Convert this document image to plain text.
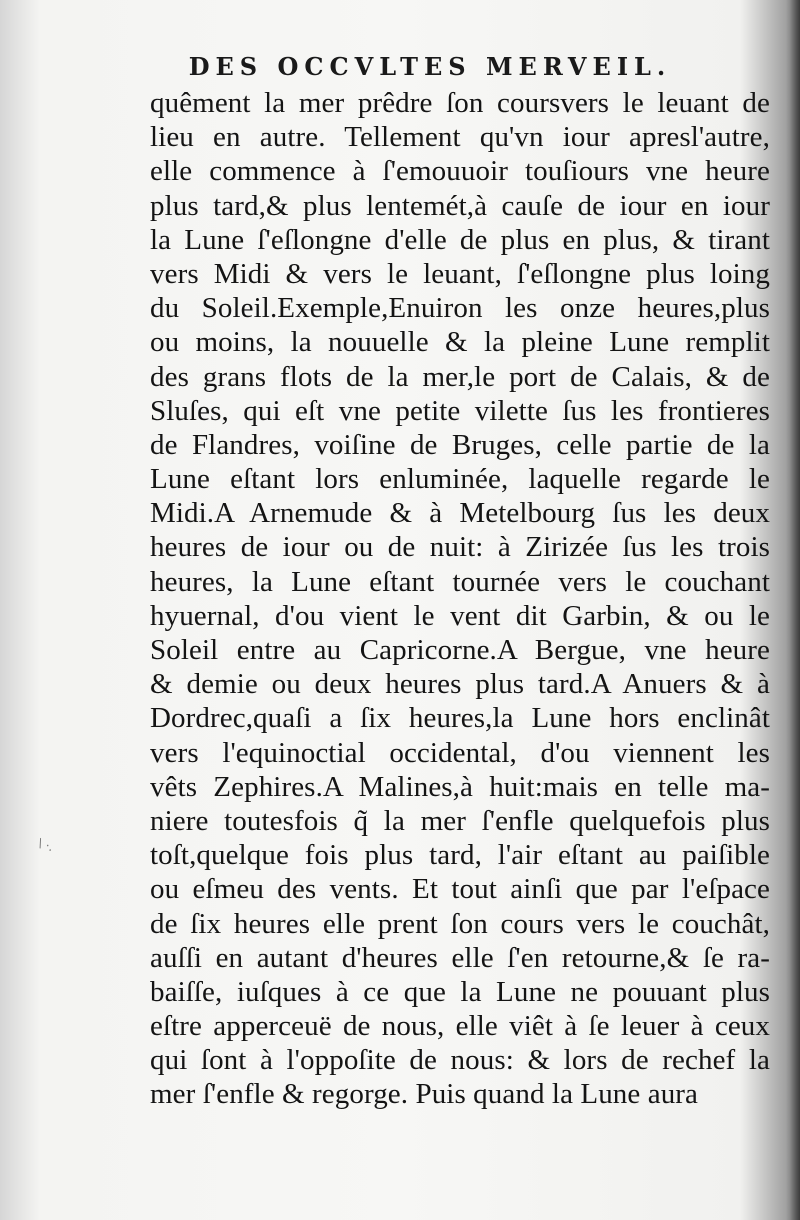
DES OCCVLTES MERVEIL.
quêment la mer prêdre ſon coursvers le leuant de
lieu en autre. Tellement qu'vn iour apresl'autre,
elle commence à ſ'emouuoir touſiours vne heure
plus tard,& plus lentemét,à cauſe de iour en iour
la Lune ſ'eſlongne d'elle de plus en plus, & tirant
vers Midi & vers le leuant, ſ'eſlongne plus loing
du Soleil.Exemple,Enuiron les onze heures,plus
ou moins, la nouuelle & la pleine Lune remplit
des grans flots de la mer,le port de Calais, & de
Sluſes, qui eſt vne petite vilette ſus les frontieres
de Flandres, voiſine de Bruges, celle partie de la
Lune eſtant lors enluminée, laquelle regarde le
Midi.A Arnemude & à Metelbourg ſus les deux
heures de iour ou de nuit: à Zirizée ſus les trois
heures, la Lune eſtant tournée vers le couchant
hyuernal, d'ou vient le vent dit Garbin, & ou le
Soleil entre au Capricorne.A Bergue, vne heure
& demie ou deux heures plus tard.A Anuers & à
Dordrec,quaſi a ſix heures,la Lune hors enclinât
vers l'equinoctial occidental, d'ou viennent les
vêts Zephires.A Malines,à huit:mais en telle ma-
niere toutesfois q̃ la mer ſ'enfle quelquefois plus
toſt,quelque fois plus tard, l'air eſtant au paiſible
ou eſmeu des vents. Et tout ainſi que par l'eſpace
de ſix heures elle prent ſon cours vers le couchât,
auſſi en autant d'heures elle ſ'en retourne,& ſe ra-
baiſſe, iuſques à ce que la Lune ne pouuant plus
eſtre apperceuë de nous, elle viêt à ſe leuer à ceux
qui ſont à l'oppoſite de nous: & lors de rechef la
mer ſ'enfle & regorge. Puis quand la Lune aura
\ ·.
